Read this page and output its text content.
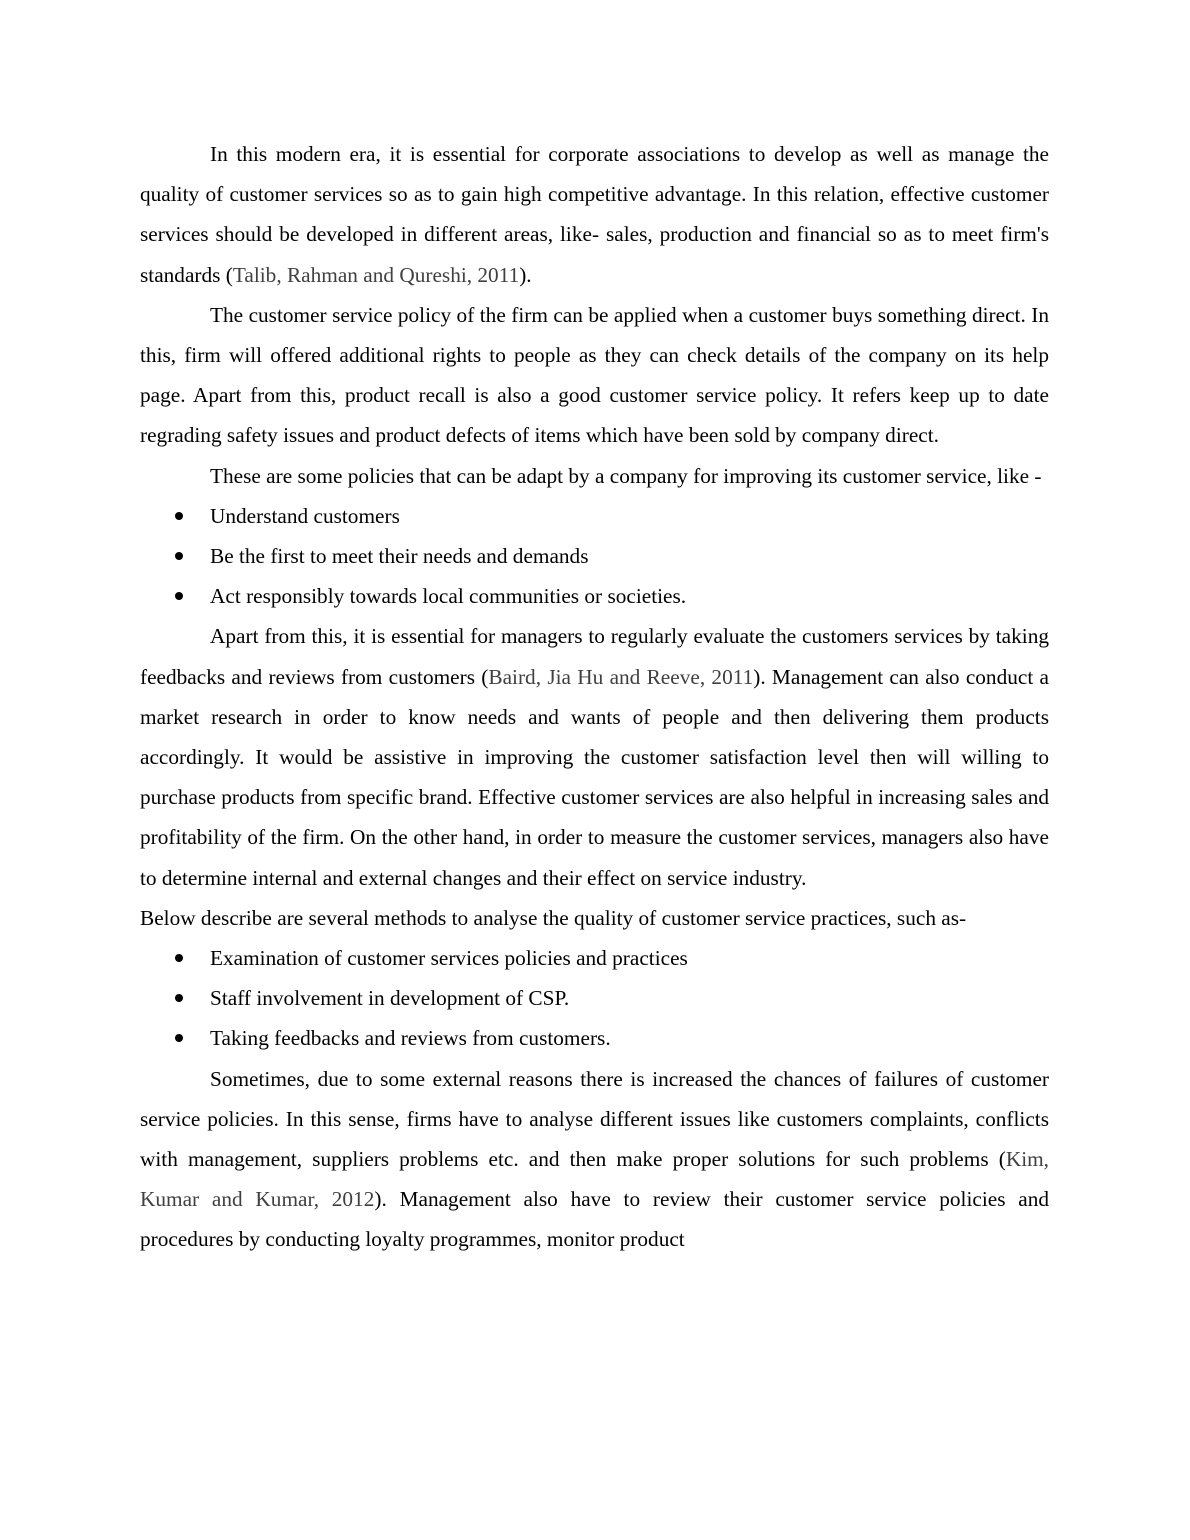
In this modern era, it is essential for corporate associations to develop as well as manage the quality of customer services so as to gain high competitive advantage. In this relation, effective customer services should be developed in different areas, like- sales, production and financial so as to meet firm's standards (Talib, Rahman and Qureshi, 2011).

The customer service policy of the firm can be applied when a customer buys something direct. In this, firm will offered additional rights to people as they can check details of the company on its help page. Apart from this, product recall is also a good customer service policy. It refers keep up to date regrading safety issues and product defects of items which have been sold by company direct.

These are some policies that can be adapt by a company for improving its customer service, like -

Understand customers
Be the first to meet their needs and demands
Act responsibly towards local communities or societies.

Apart from this, it is essential for managers to regularly evaluate the customers services by taking feedbacks and reviews from customers (Baird, Jia Hu and Reeve, 2011). Management can also conduct a market research in order to know needs and wants of people and then delivering them products accordingly. It would be assistive in improving the customer satisfaction level then will willing to purchase products from specific brand. Effective customer services are also helpful in increasing sales and profitability of the firm. On the other hand, in order to measure the customer services, managers also have to determine internal and external changes and their effect on service industry.

Below describe are several methods to analyse the quality of customer service practices, such as-

Examination of customer services policies and practices
Staff involvement in development of CSP.
Taking feedbacks and reviews from customers.

Sometimes, due to some external reasons there is increased the chances of failures of customer service policies. In this sense, firms have to analyse different issues like customers complaints, conflicts with management, suppliers problems etc. and then make proper solutions for such problems (Kim, Kumar and Kumar, 2012). Management also have to review their customer service policies and procedures by conducting loyalty programmes, monitor product
